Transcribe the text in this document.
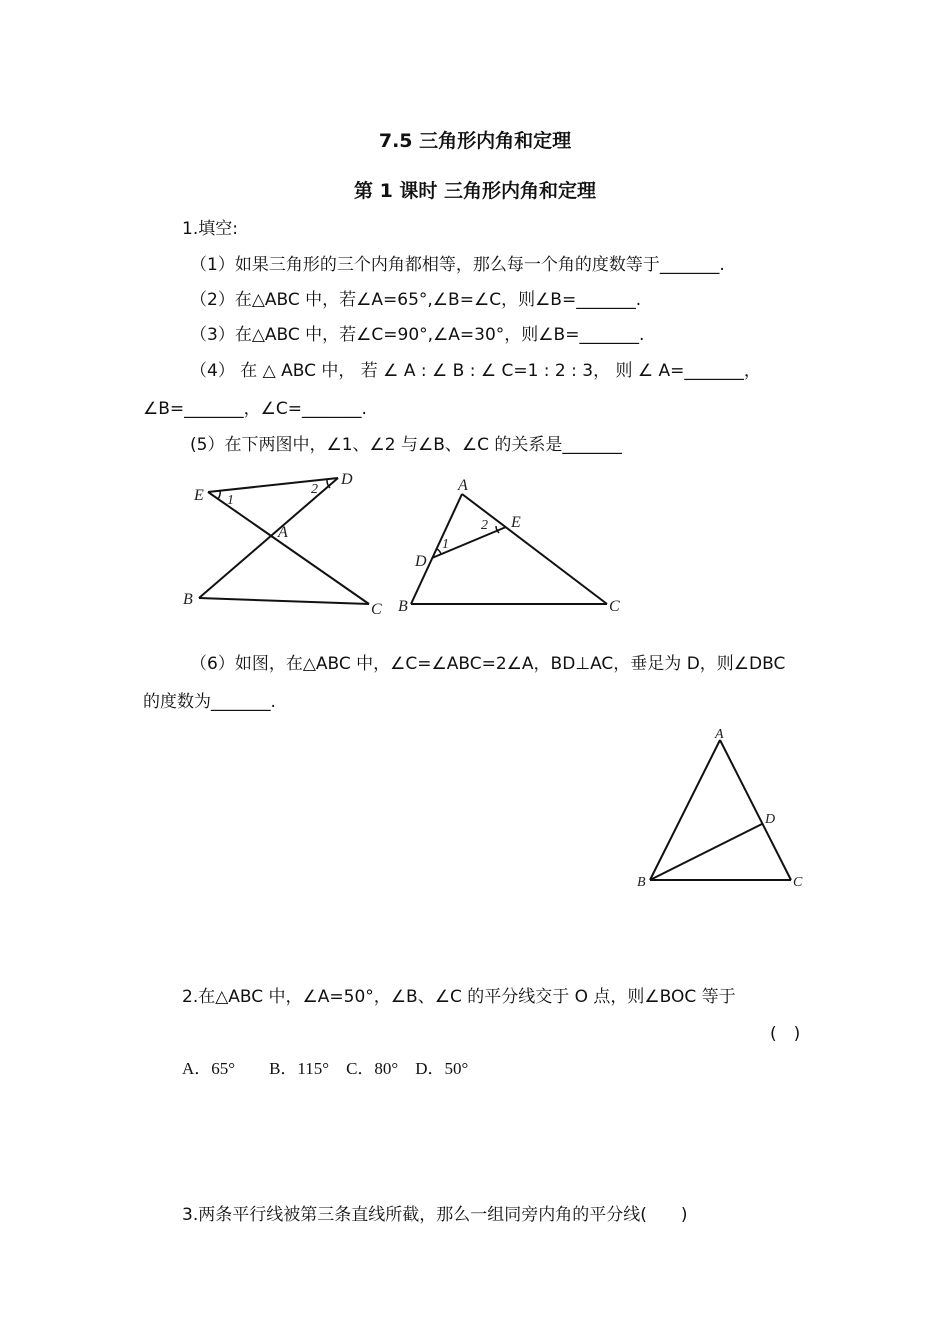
7.5 三角形内角和定理
第 1 课时 三角形内角和定理
1.填空:
（1）如果三角形的三个内角都相等，那么每一个角的度数等于_______.
（2）在△ABC 中，若∠A=65°,∠B=∠C，则∠B=_______.
（3）在△ABC 中，若∠C=90°,∠A=30°，则∠B=_______.
（4） 在 △ ABC 中， 若 ∠ A : ∠ B : ∠ C=1 : 2 : 3， 则 ∠ A=_______，
∠B=_______，∠C=_______.
(5）在下两图中，∠1、∠2 与∠B、∠C 的关系是_______
E
D
A
B
C
1
2	A
E
D
B	C
1
2
（6）如图，在△ABC 中，∠C=∠ABC=2∠A，BD⊥AC，垂足为 D，则∠DBC
的度数为_______.
A
D
B	C
2.在△ABC 中，∠A=50°，∠B、∠C 的平分线交于 O 点，则∠BOC 等于
(　)
A．65°　　B．115°　C．80°　D．50°
3.两条平行线被第三条直线所截，那么一组同旁内角的平分线(　　)
